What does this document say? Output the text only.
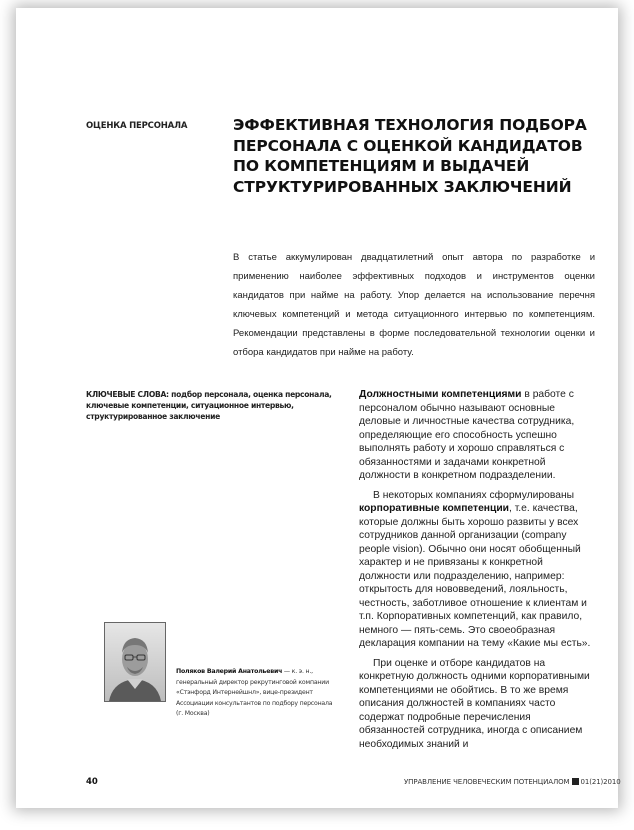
ОЦЕНКА ПЕРСОНАЛА	ЭФФЕКТИВНАЯ ТЕХНОЛОГИЯ ПОДБОРА
ПЕРСОНАЛА С ОЦЕНКОЙ КАНДИДАТОВ
ПО КОМПЕТЕНЦИЯМ И ВЫДАЧЕЙ
СТРУКТУРИРОВАННЫХ ЗАКЛЮЧЕНИЙ

В статье аккумулирован двадцатилетний опыт автора по разработке и применению наиболее эффективных подходов и инструментов оценки кандидатов при найме на работу. Упор делается на использование перечня ключевых компетенций и метода ситуационного интервью по компетенциям. Рекомендации представлены в форме последовательной технологии оценки и отбора кандидатов при найме на работу.

КЛЮЧЕВЫЕ СЛОВА: подбор персонала, оценка персонала, ключевые компетенции, ситуационное интервью, структурированное заключение

Должностными компетенциями в работе с персоналом обычно называют основные деловые и личностные качества сотрудника, определяющие его способность успешно выполнять работу и хорошо справляться с обязанностями и задачами конкретной должности в конкретном подразделении.

В некоторых компаниях сформулированы корпоративные компетенции, т.е. качества, которые должны быть хорошо развиты у всех сотрудников данной организации (company people vision). Обычно они носят обобщенный характер и не привязаны к конкретной должности или подразделению, например: открытость для нововведений, лояльность, честность, заботливое отношение к клиентам и т.п. Корпоративных компетенций, как правило, немного — пять-семь. Это своеобразная декларация компании на тему «Какие мы есть».

При оценке и отборе кандидатов на конкретную должность одними корпоративными компетенциями не обойтись. В то же время описания должностей в компаниях часто содержат подробные перечисления обязанностей сотрудника, иногда с описанием необходимых знаний и

Поляков Валерий Анатольевич — к. э. н., генеральный директор рекрутинговой компании «Стэнфорд Интернейшнл», вице-президент Ассоциации консультантов по подбору персонала (г. Москва)
40	УПРАВЛЕНИЕ ЧЕЛОВЕЧЕСКИМ ПОТЕНЦИАЛОМ 01(21)2010
